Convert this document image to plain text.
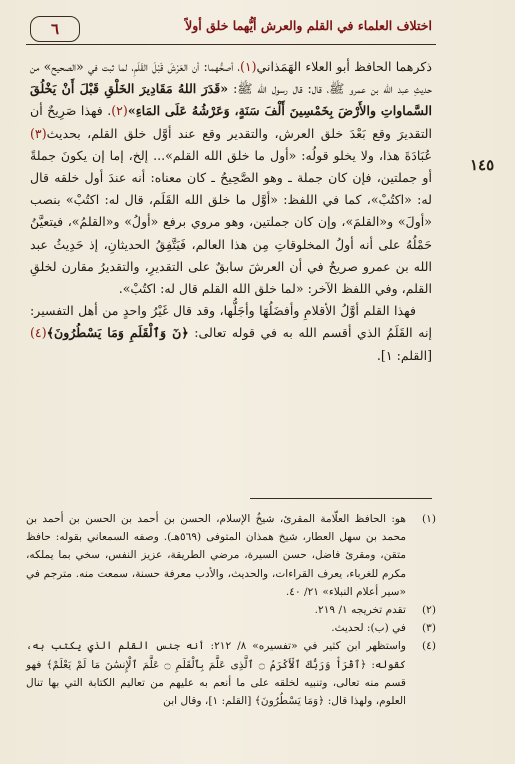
٦	اختلاف العلماء في القلم والعرش أيُّهما خلق أولاً
١٤٥

ذكرهما الحافظ أبو العلاء الهَمَذاني(١)، أصحُّهما: أن العَرْشَ قَبْلَ القَلَمِ، لما ثبت في «الصحيح» من حديثِ عبد الله بن عمرو ﷺ، قال: قال رسول الله ﷺ: «قَدَرَ اللهُ مَقَادِيرَ الخَلْقِ قَبْلَ أَنْ يَخْلُقَ السَّماواتِ والأَرْضَ بِخَمْسِينَ أَلْفَ سَنَةٍ، وَعَرْشُهُ عَلَى المَاءِ»(٢). فهذا صَرِيحٌ أن التقديرَ وقع بَعْدَ خلق العرش، والتقدير وقع عند أوَّل خلق القلم، بحديث(٣) عُبَادَةَ هذا، ولا يخلو قولُه: «أول ما خلق الله القلم»... إلخ، إما إن يكونَ جملةً أو جملتين، فإن كان جملة ـ وهو الصَّحِيحُ ـ كان معناه: أنه عندَ أول خلقه قال له: «اكتُبْ»، كما في اللفظ: «أوَّل ما خلق الله القَلَم، قال له: اكتُبْ» بنصب «أولَ» و«القلمَ»، وإن كان جملتين، وهو مروي برفع «أولُ» و«القلمُ»، فيتعيَّنُ حَمْلُهُ على أنه أولُ المخلوقاتِ مِن هذا العالم، فَيَتَّفِقُ الحديثانِ، إذ حَدِيثُ عبد الله بن عمرو صريحٌ في أن العرشَ سابقٌ على التقديرِ، والتقديرُ مقارن لخلقِ القلم، وفي اللفظ الآخر: «لما خلق الله القلم قال له: اكتُبْ».

فهذا القلم أوَّلُ الأقلامِ وأفضَلُهَا وأجَلُّها، وقد قال غَيْرُ واحدٍ من أهل التفسير: إنه القَلَمُ الذي أقسم الله به في قوله تعالى: ﴿نٓ وَٱلْقَلَمِ وَمَا يَسْطُرُونَ﴾(٤) [القلم: ١].

(١)
هو: الحافظ العلّامة المقرئ، شيخُ الإسلام، الحسن بن أحمد بن الحسن بن أحمد بن محمد بن سهل العطار، شيخ همذان المتوفى (٥٦٩هـ). وصفه السمعاني بقوله: حافظ متقن، ومقرئ فاضل، حسن السيرة، مرضي الطريقة، عزيز النفس، سخي بما يملكه، مكرم للغرباء، يعرف القراءات، والحديث، والأدب معرفة حسنة، سمعت منه. مترجم في «سير أعلام النبلاء» ٢١/ ٤٠.
(٢)
تقدم تخريجه ١/ ٢١٩.
(٣)
في (ب): لحديث.
(٤)
واستظهر ابن كثير في «تفسيره» ٨/ ٢١٢: أنه جنس القلم الذي يكتب به، كقوله: ﴿ٱقْرَأْ وَرَبُّكَ ٱلْأَكْرَمُ ۝ ٱلَّذِى عَلَّمَ بِٱلْقَلَمِ ۝ عَلَّمَ ٱلْإِنسَٰنَ مَا لَمْ يَعْلَمْ﴾ فهو قسم منه تعالى، وتنبيه لخلقه على ما أنعم به عليهم من تعاليم الكتابة التي بها تنال العلوم، ولهذا قال: ﴿وَمَا يَسْطُرُونَ﴾ [القلم: ١]، وقال ابن
